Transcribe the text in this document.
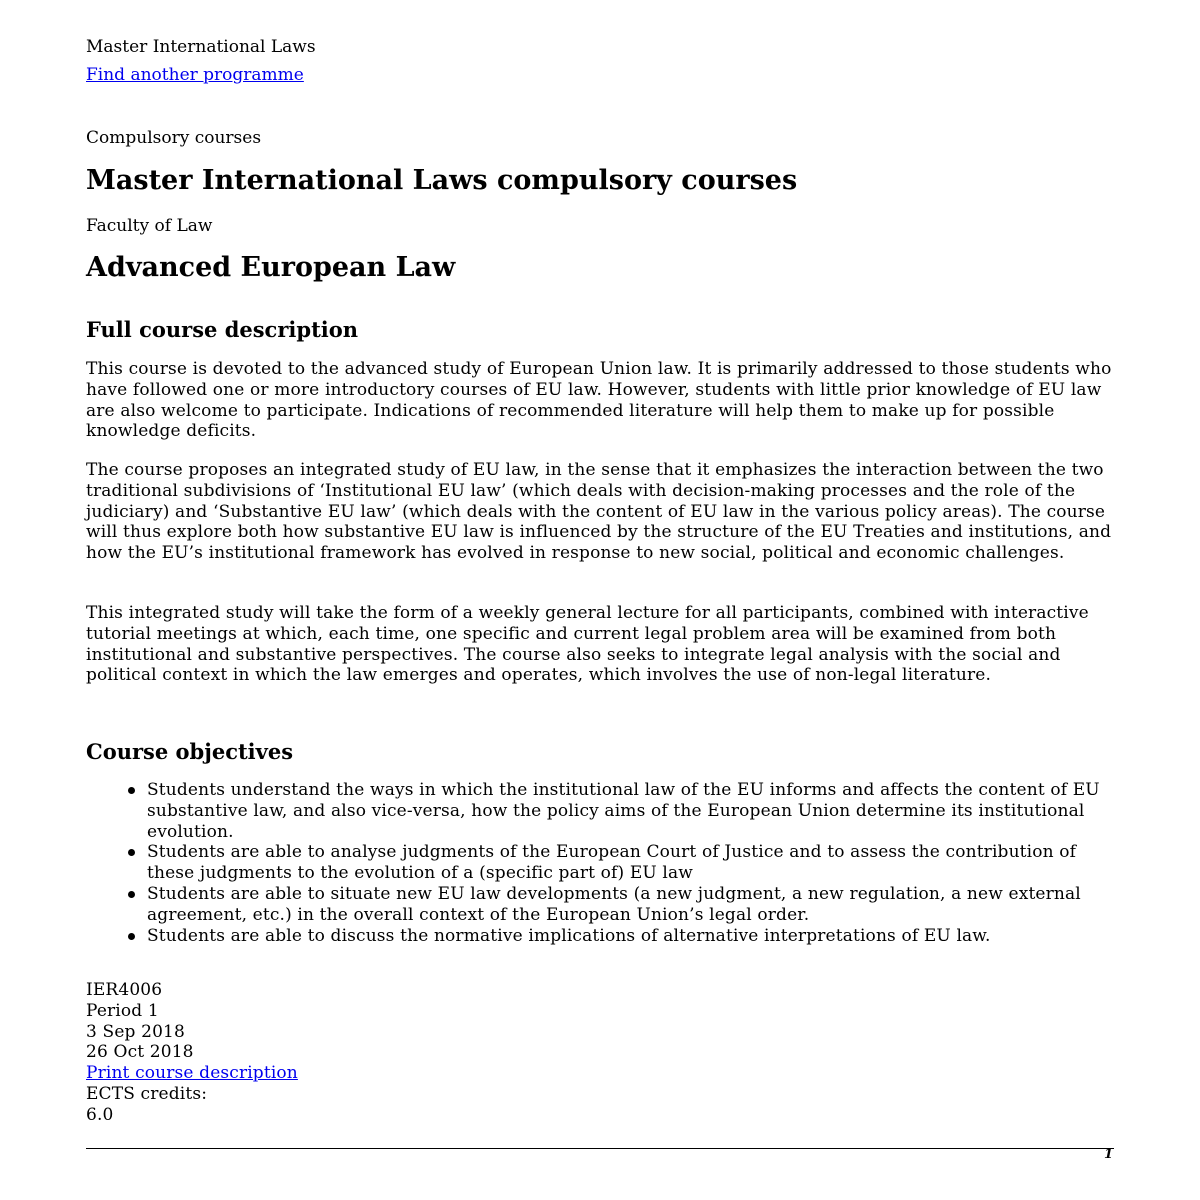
Master International Laws
Find another programme
Compulsory courses
Master International Laws compulsory courses
Faculty of Law
Advanced European Law
Full course description

This course is devoted to the advanced study of European Union law. It is primarily addressed to those students who have followed one or more introductory courses of EU law. However, students with little prior knowledge of EU law are also welcome to participate. Indications of recommended literature will help them to make up for possible knowledge deficits.

The course proposes an integrated study of EU law, in the sense that it emphasizes the interaction between the two traditional subdivisions of ‘Institutional EU law’ (which deals with decision-making processes and the role of the judiciary) and ‘Substantive EU law’ (which deals with the content of EU law in the various policy areas). The course will thus explore both how substantive EU law is influenced by the structure of the EU Treaties and institutions, and how the EU’s institutional framework has evolved in response to new social, political and economic challenges.

This integrated study will take the form of a weekly general lecture for all participants, combined with interactive tutorial meetings at which, each time, one specific and current legal problem area will be examined from both institutional and substantive perspectives. The course also seeks to integrate legal analysis with the social and political context in which the law emerges and operates, which involves the use of non-legal literature.

Course objectives
Students understand the ways in which the institutional law of the EU informs and affects the content of EU substantive law, and also vice-versa, how the policy aims of the European Union determine its institutional evolution.
Students are able to analyse judgments of the European Court of Justice and to assess the contribution of these judgments to the evolution of a (specific part of) EU law
Students are able to situate new EU law developments (a new judgment, a new regulation, a new external agreement, etc.) in the overall context of the European Union’s legal order.
Students are able to discuss the normative implications of alternative interpretations of EU law.
IER4006
Period 1
3 Sep 2018
26 Oct 2018
Print course description
ECTS credits:
6.0
1
